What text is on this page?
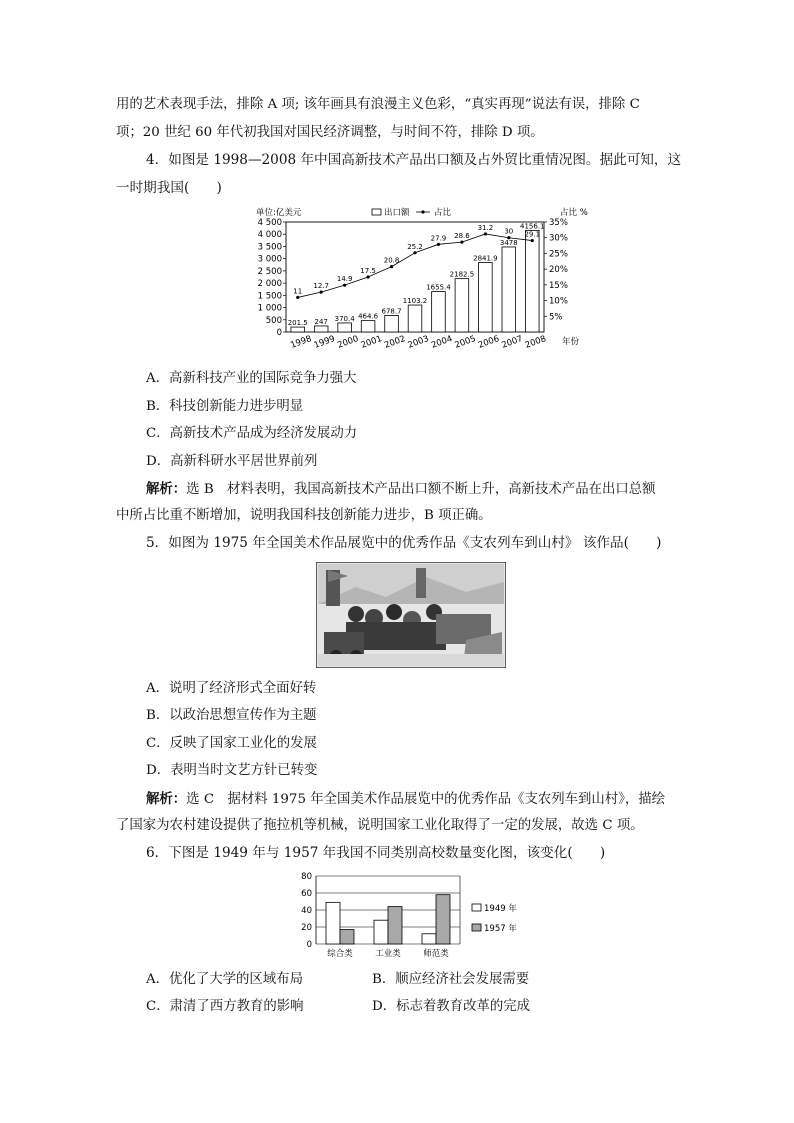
用的艺术表现手法，排除 A 项; 该年画具有浪漫主义色彩，“真实再现”说法有误，排除 C
项；20 世纪 60 年代初我国对国民经济调整，与时间不符，排除 D 项。
4．如图是 1998—2008 年中国高新技术产品出口额及占外贸比重情况图。据此可知，这
一时期我国(　　)
单位:亿美元	占比 %
出口额	占比
0
500
1 000
1 500
2 000
2 500
3 000
3 500
4 000
4 500
5%
10%
15%
20%
25%
30%
35%
201.5 247 370.4 464.6
678.7
1103.2
1655.4
2182.5
2841.9
3478
4156.1
11
12.7
14.9
17.5
20.8
25.2
27.9 28.6
31.2 30 29.1
1998 1999 2000 2001 2002 2003 2004 2005 2006 2007 2008 年份
A．高新科技产业的国际竞争力强大
B．科技创新能力进步明显
C．高新技术产品成为经济发展动力
D．高新科研水平居世界前列
解析：选 B　材料表明，我国高新技术产品出口额不断上升，高新技术产品在出口总额
中所占比重不断增加，说明我国科技创新能力进步，B 项正确。
5．如图为 1975 年全国美术作品展览中的优秀作品《支农列车到山村》 该作品(　　)
A．说明了经济形式全面好转
B．以政治思想宣传作为主题
C．反映了国家工业化的发展
D．表明当时文艺方针已转变
解析：选 C　据材料 1975 年全国美术作品展览中的优秀作品《支农列车到山村》，描绘
了国家为农村建设提供了拖拉机等机械，说明国家工业化取得了一定的发展，故选 C 项。
6．下图是 1949 年与 1957 年我国不同类别高校数量变化图，该变化(　　)
0
20
40
60
80
综合类	工业类	师范类
1949 年
1957 年
A．优化了大学的区域布局	B．顺应经济社会发展需要
C．肃清了西方教育的影响	D．标志着教育改革的完成
